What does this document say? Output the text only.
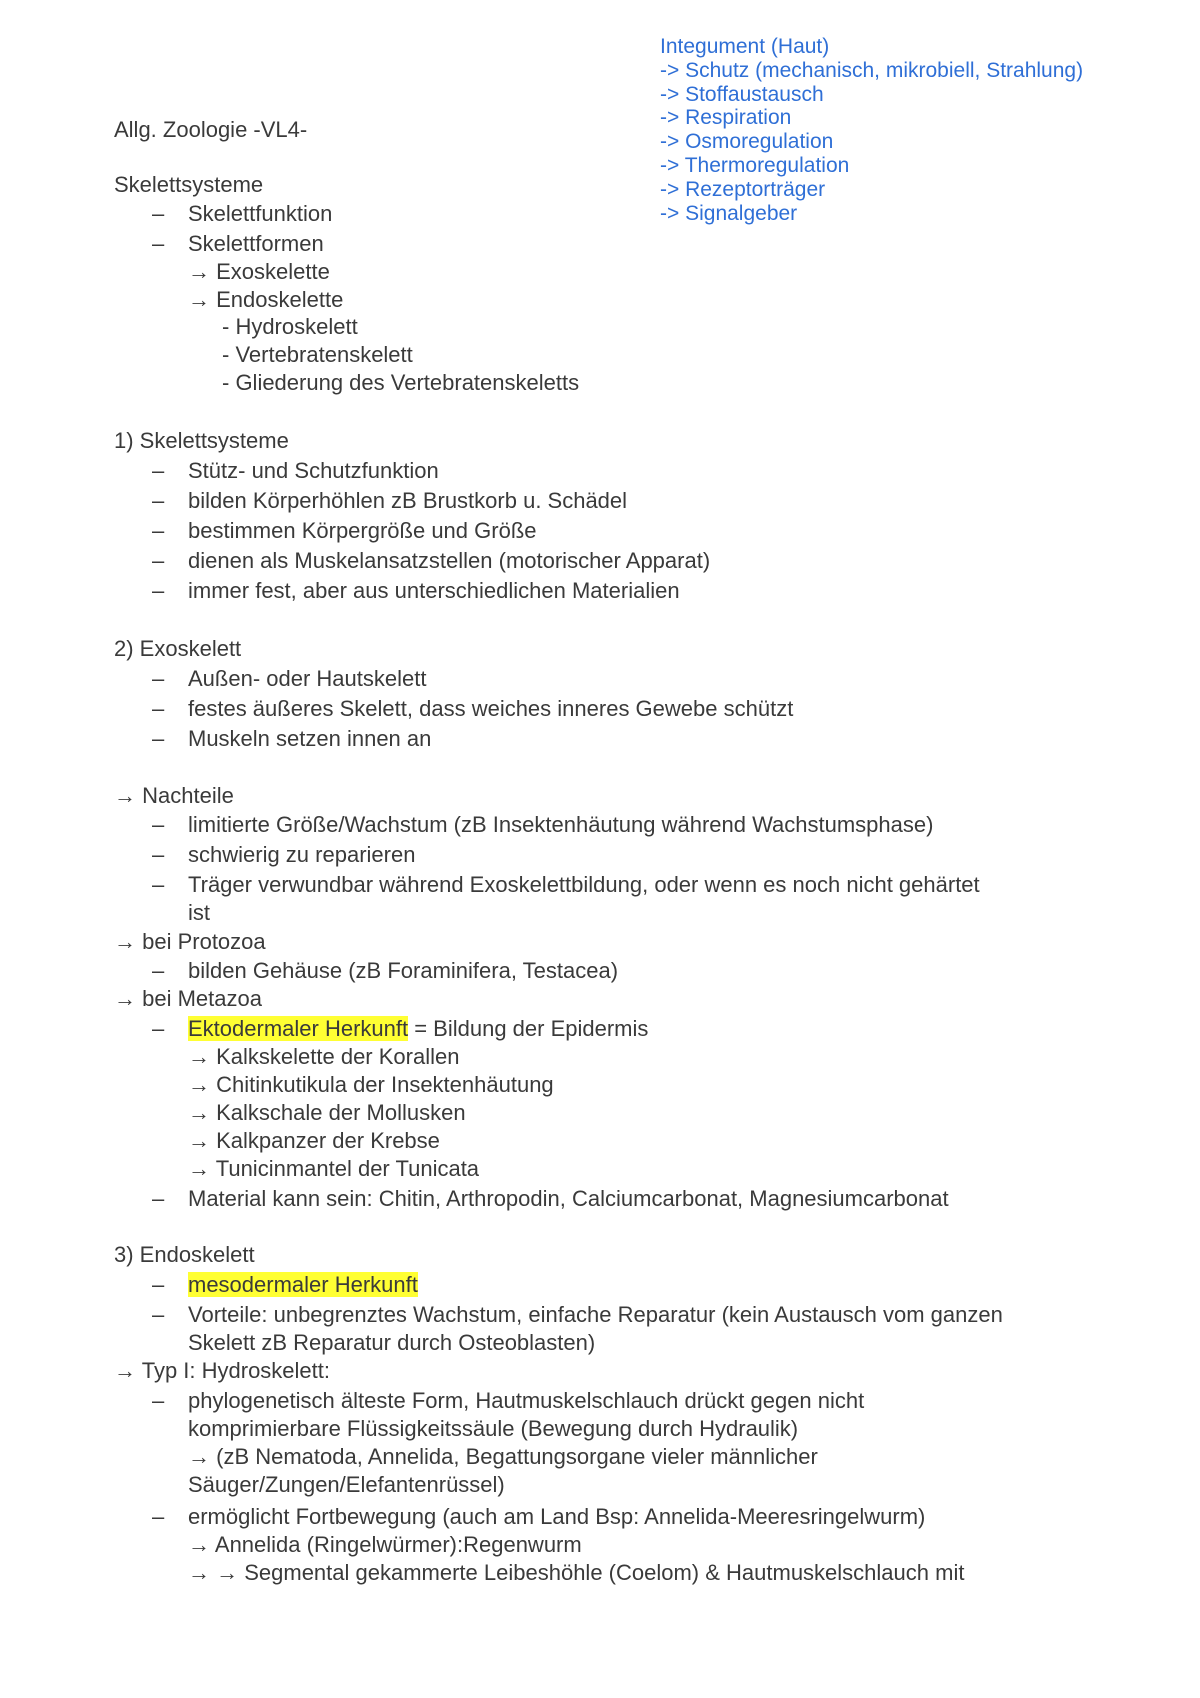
Integument (Haut)
-> Schutz (mechanisch, mikrobiell, Strahlung)
-> Stoffaustausch
-> Respiration
-> Osmoregulation
-> Thermoregulation
-> Rezeptorträger
-> Signalgeber
Allg. Zoologie -VL4-
Skelettsysteme
– Skelettfunktion
– Skelettformen
→ Exoskelette
→ Endoskelette
- Hydroskelett
- Vertebratenskelett
- Gliederung des Vertebratenskeletts
1) Skelettsysteme
– Stütz- und Schutzfunktion
– bilden Körperhöhlen zB Brustkorb u. Schädel
– bestimmen Körpergröße und Größe
– dienen als Muskelansatzstellen (motorischer Apparat)
– immer fest, aber aus unterschiedlichen Materialien
2) Exoskelett
– Außen- oder Hautskelett
– festes äußeres Skelett, dass weiches inneres Gewebe schützt
– Muskeln setzen innen an
→ Nachteile
– limitierte Größe/Wachstum (zB Insektenhäutung während Wachstumsphase)
– schwierig zu reparieren
– Träger verwundbar während Exoskelettbildung, oder wenn es noch nicht gehärtet
ist
→ bei Protozoa
– bilden Gehäuse (zB Foraminifera, Testacea)
→ bei Metazoa
– Ektodermaler Herkunft = Bildung der Epidermis
→ Kalkskelette der Korallen
→ Chitinkutikula der Insektenhäutung
→ Kalkschale der Mollusken
→ Kalkpanzer der Krebse
→ Tunicinmantel der Tunicata
– Material kann sein: Chitin, Arthropodin, Calciumcarbonat, Magnesiumcarbonat
3) Endoskelett
– mesodermaler Herkunft
– Vorteile: unbegrenztes Wachstum, einfache Reparatur (kein Austausch vom ganzen
Skelett zB Reparatur durch Osteoblasten)
→ Typ I: Hydroskelett:
– phylogenetisch älteste Form, Hautmuskelschlauch drückt gegen nicht
komprimierbare Flüssigkeitssäule (Bewegung durch Hydraulik)
→ (zB Nematoda, Annelida, Begattungsorgane vieler männlicher
Säuger/Zungen/Elefantenrüssel)
– ermöglicht Fortbewegung (auch am Land Bsp: Annelida-Meeresringelwurm)
→ Annelida (Ringelwürmer):Regenwurm
→ → Segmental gekammerte Leibeshöhle (Coelom) & Hautmuskelschlauch mit
